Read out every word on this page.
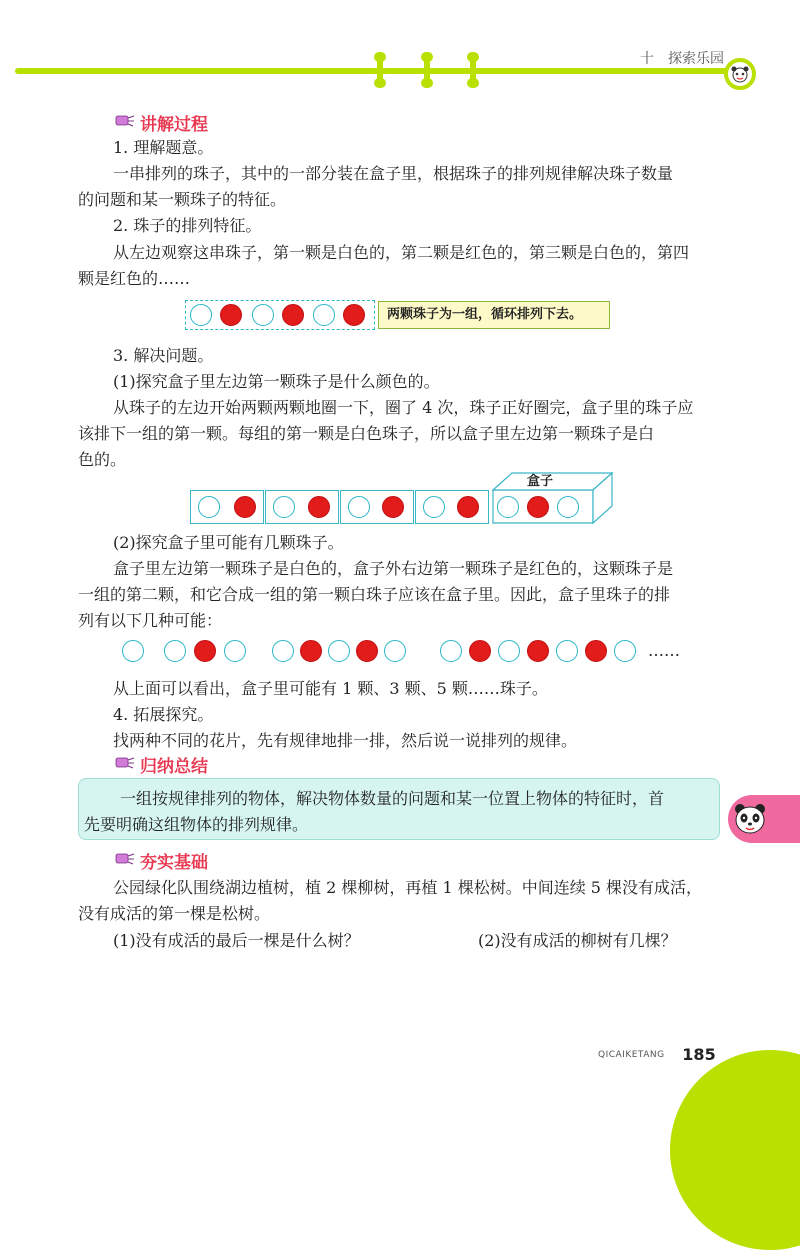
十　探索乐园
讲解过程
1. 理解题意。
一串排列的珠子，其中的一部分装在盒子里，根据珠子的排列规律解决珠子数量
的问题和某一颗珠子的特征。
2. 珠子的排列特征。
从左边观察这串珠子，第一颗是白色的，第二颗是红色的，第三颗是白色的，第四
颗是红色的……
两颗珠子为一组，循环排列下去。
3. 解决问题。
(1)探究盒子里左边第一颗珠子是什么颜色的。
从珠子的左边开始两颗两颗地圈一下，圈了 4 次，珠子正好圈完，盒子里的珠子应
该排下一组的第一颗。每组的第一颗是白色珠子，所以盒子里左边第一颗珠子是白
色的。
盒子
(2)探究盒子里可能有几颗珠子。
盒子里左边第一颗珠子是白色的，盒子外右边第一颗珠子是红色的，这颗珠子是
一组的第二颗，和它合成一组的第一颗白珠子应该在盒子里。因此，盒子里珠子的排
列有以下几种可能：
……
从上面可以看出，盒子里可能有 1 颗、3 颗、5 颗……珠子。
4. 拓展探究。
找两种不同的花片，先有规律地排一排，然后说一说排列的规律。
归纳总结
一组按规律排列的物体，解决物体数量的问题和某一位置上物体的特征时，首
先要明确这组物体的排列规律。
夯实基础
公园绿化队围绕湖边植树，植 2 棵柳树，再植 1 棵松树。中间连续 5 棵没有成活，
没有成活的第一棵是松树。
(1)没有成活的最后一棵是什么树？	(2)没有成活的柳树有几棵？
QICAIKETANG 185
